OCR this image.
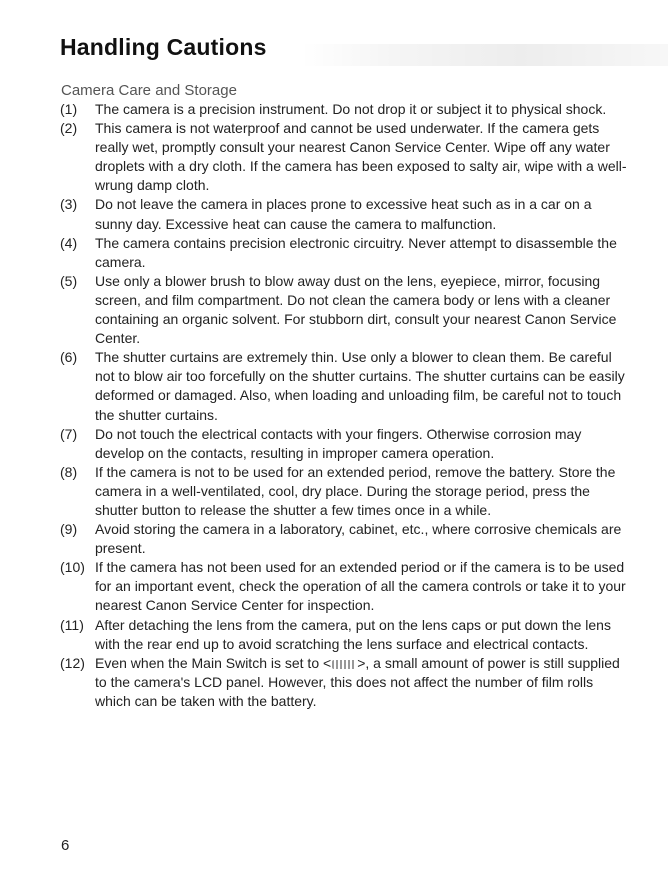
Handling Cautions
Camera Care and Storage
(1)	The camera is a precision instrument. Do not drop it or subject it to physical shock.
(2)	This camera is not waterproof and cannot be used underwater. If the camera gets really wet, promptly consult your nearest Canon Service Center. Wipe off any water droplets with a dry cloth. If the camera has been exposed to salty air, wipe with a well-wrung damp cloth.
(3)	Do not leave the camera in places prone to excessive heat such as in a car on a sunny day. Excessive heat can cause the camera to malfunction.
(4)	The camera contains precision electronic circuitry. Never attempt to disassemble the camera.
(5)	Use only a blower brush to blow away dust on the lens, eyepiece, mirror, focusing screen, and film compartment. Do not clean the camera body or lens with a cleaner containing an organic solvent. For stubborn dirt, consult your nearest Canon Service Center.
(6)	The shutter curtains are extremely thin. Use only a blower to clean them. Be careful not to blow air too forcefully on the shutter curtains. The shutter curtains can be easily deformed or damaged. Also, when loading and unloading film, be careful not to touch the shutter curtains.
(7)	Do not touch the electrical contacts with your fingers. Otherwise corrosion may develop on the contacts, resulting in improper camera operation.
(8)	If the camera is not to be used for an extended period, remove the battery. Store the camera in a well-ventilated, cool, dry place. During the storage period, press the shutter button to release the shutter a few times once in a while.
(9)	Avoid storing the camera in a laboratory, cabinet, etc., where corrosive chemicals are present.
(10) If the camera has not been used for an extended period or if the camera is to be used for an important event, check the operation of all the camera controls or take it to your nearest Canon Service Center for inspection.
(11) After detaching the lens from the camera, put on the lens caps or put down the lens with the rear end up to avoid scratching the lens surface and electrical contacts.
(12) Even when the Main Switch is set to < >, a small amount of power is still supplied to the camera's LCD panel. However, this does not affect the number of film rolls which can be taken with the battery.
6
